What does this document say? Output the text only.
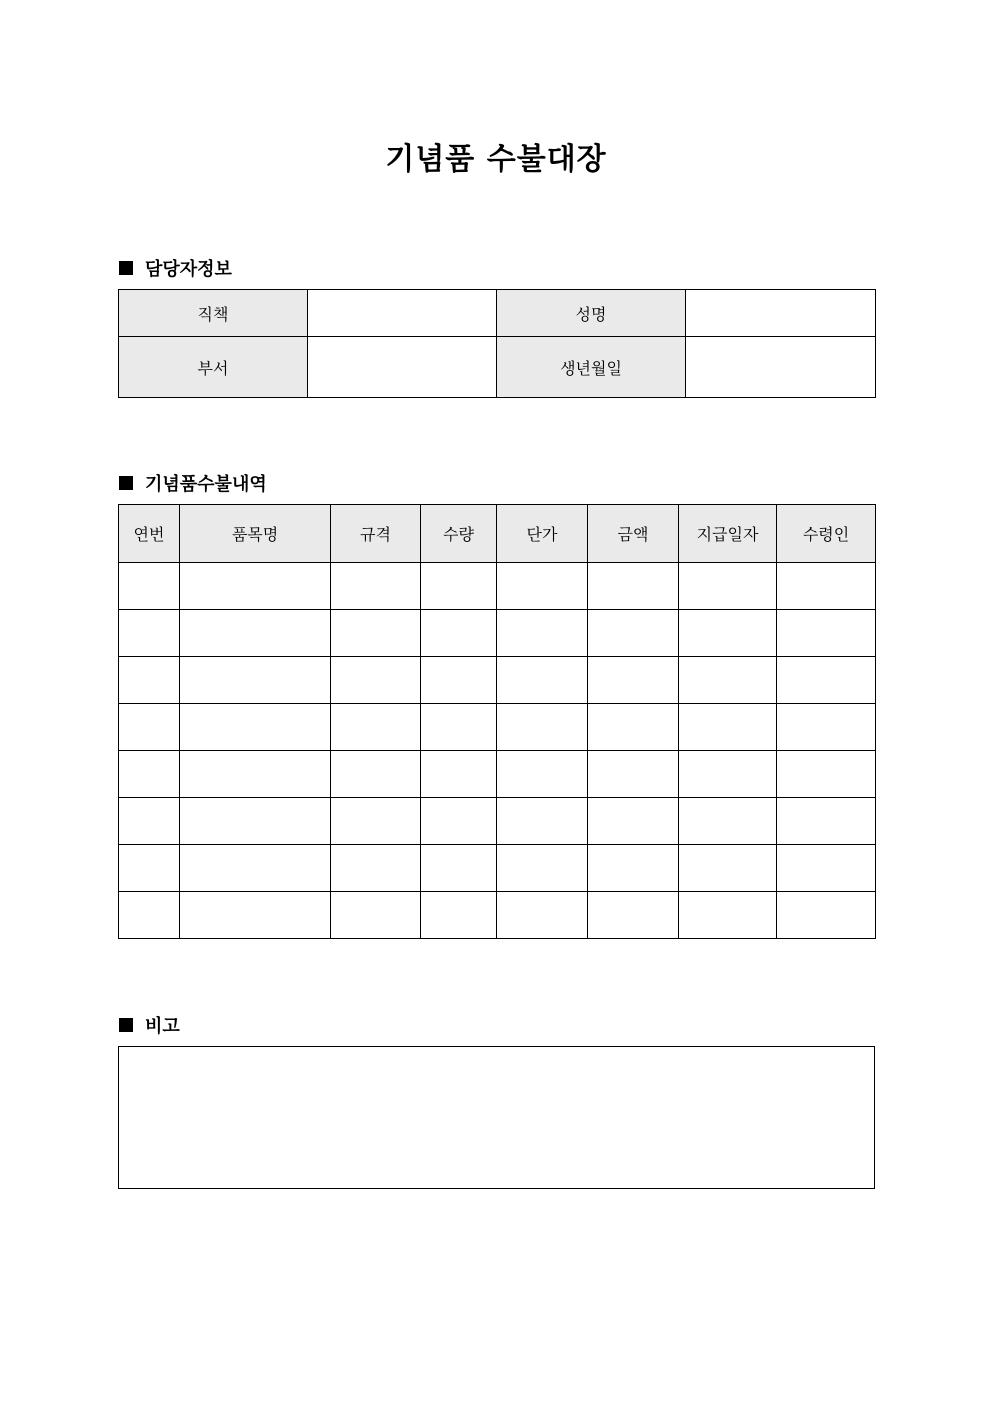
기념품 수불대장
담당자정보
직책		성명	
부서		생년월일	
기념품수불내역
연번	품목명	규격	수량	단가	금액	지급일자	수령인

비고
